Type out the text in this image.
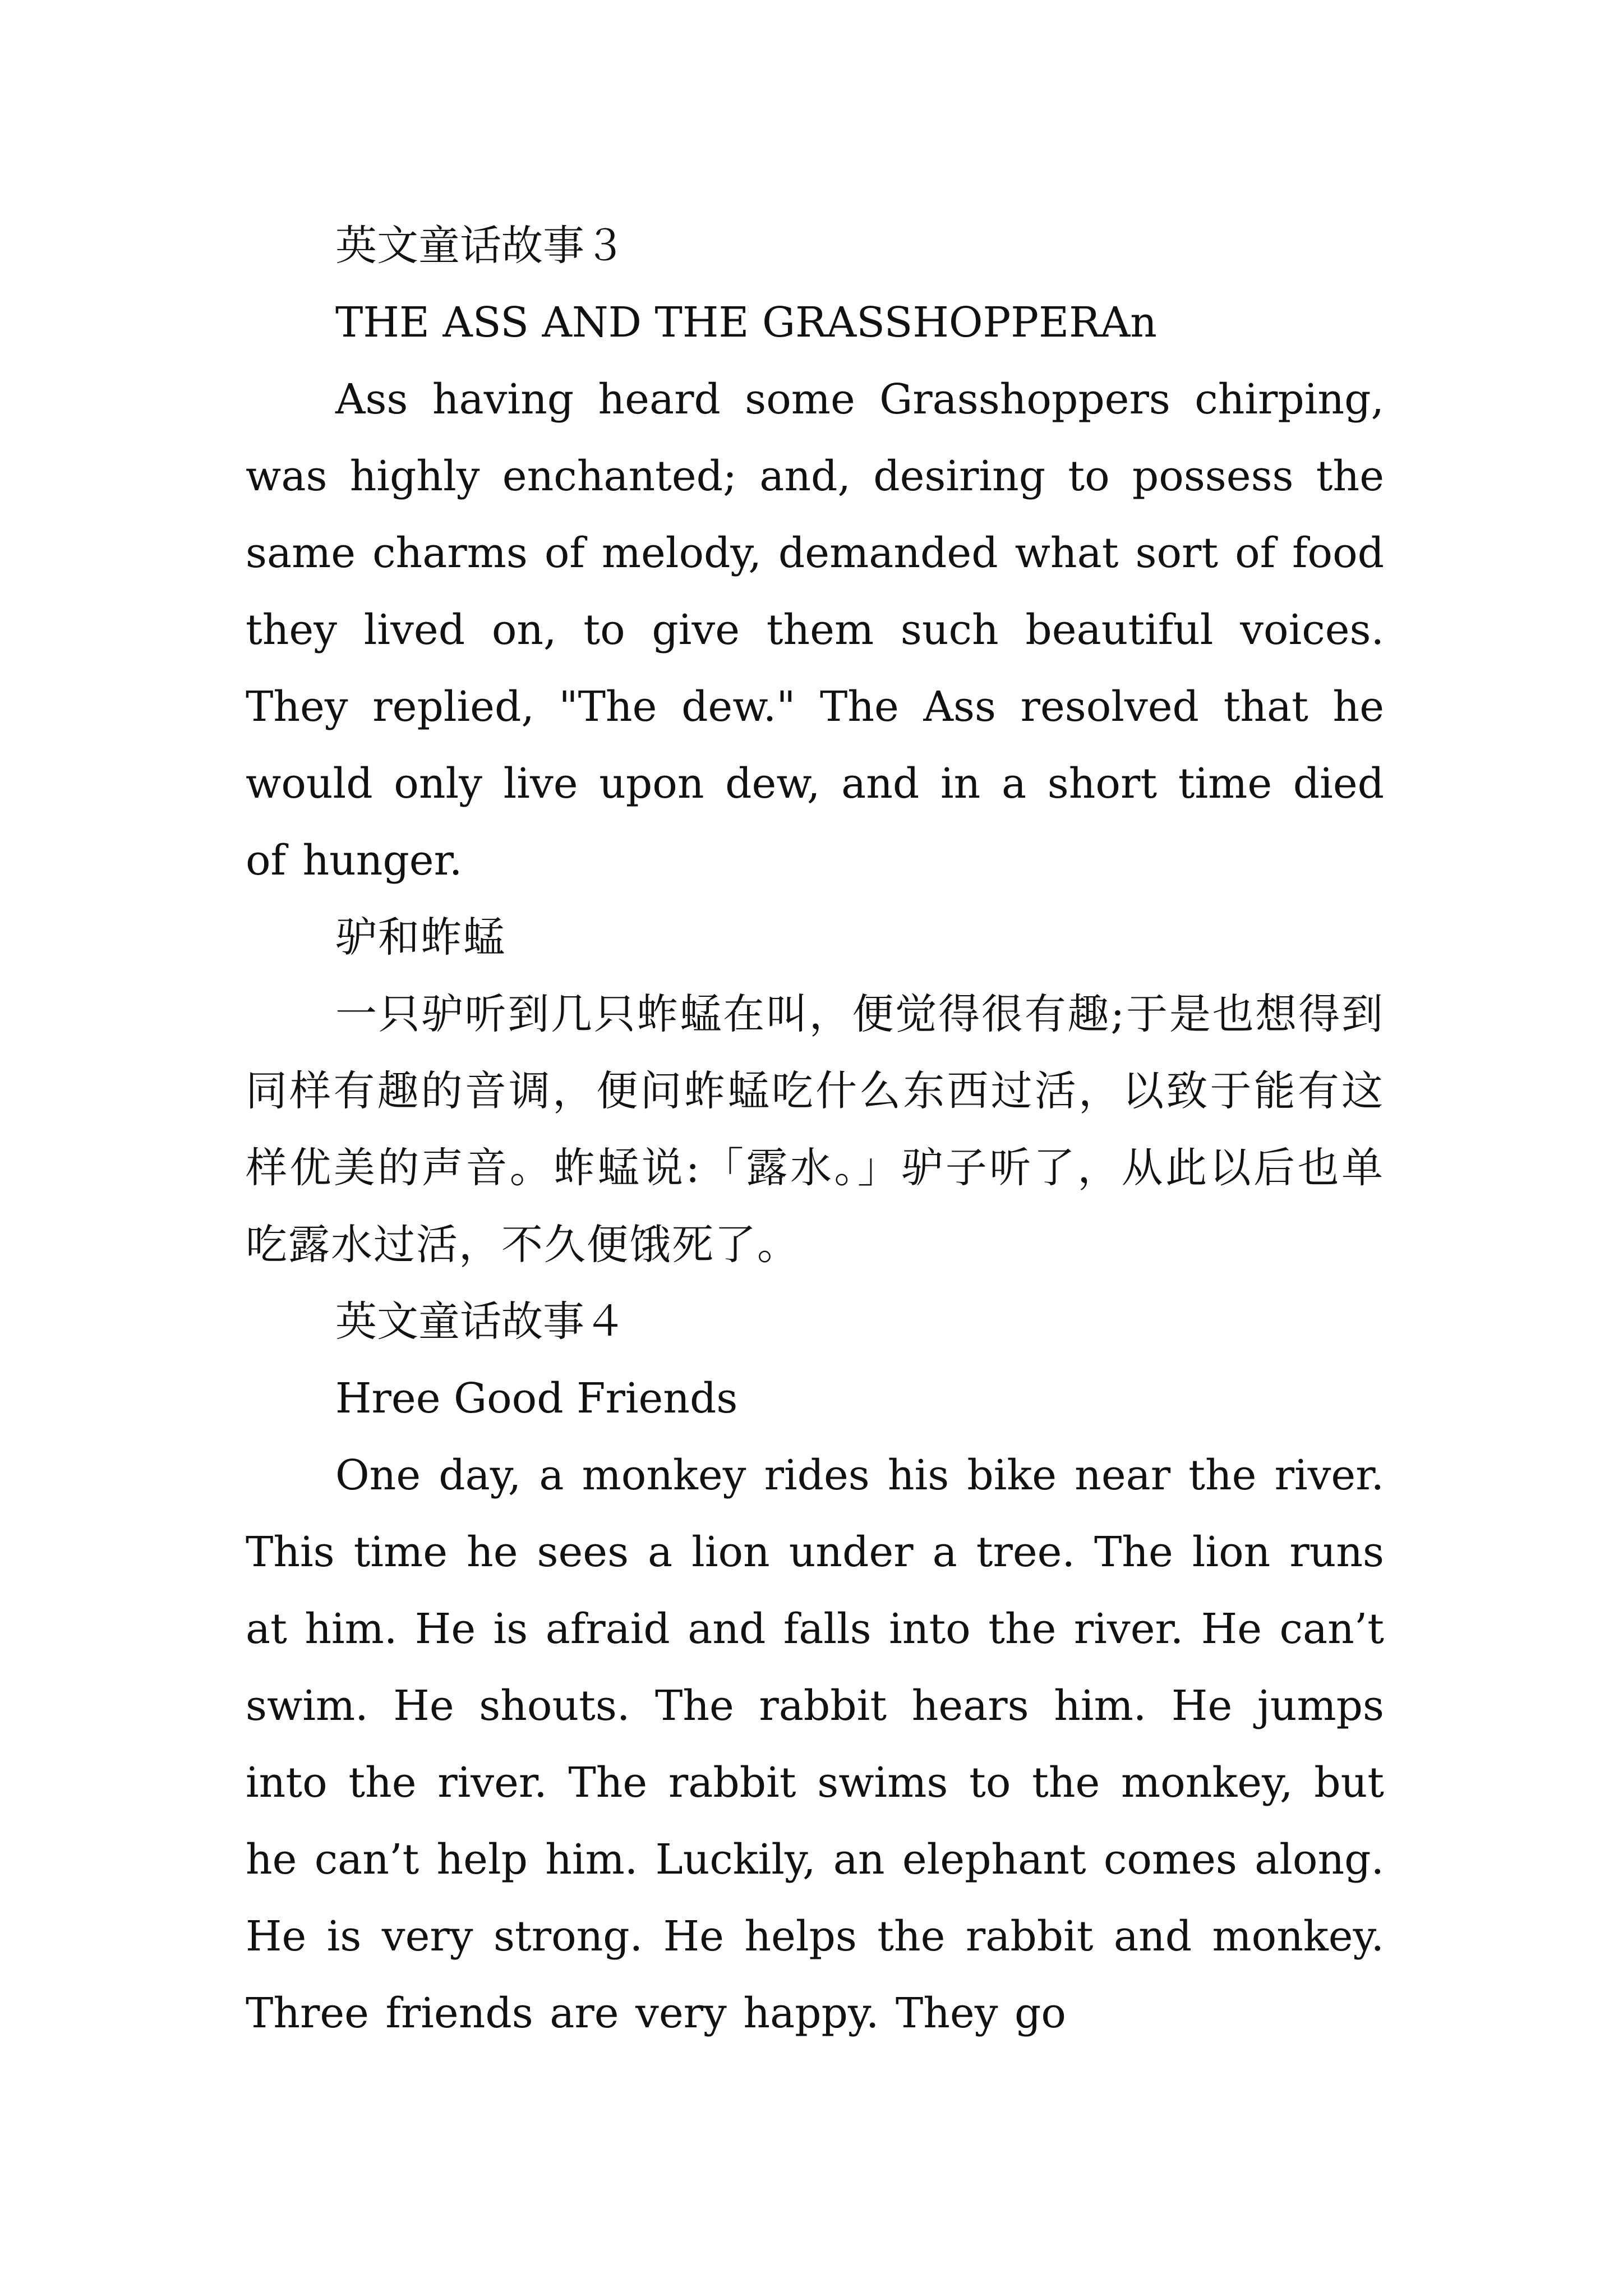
英文童话故事３
THE ASS AND THE GRASSHOPPERAn

Ass having heard some Grasshoppers chirping, was highly enchanted; and, desiring to possess the same charms of melody, demanded what sort of food they lived on, to give them such beautiful voices. They replied, "The dew." The Ass resolved that he would only live upon dew, and in a short time died of hunger.

驴和蚱蜢

一只驴听到几只蚱蜢在叫，便觉得很有趣;于是也想得到同样有趣的音调，便问蚱蜢吃什么东西过活，以致于能有这样优美的声音。蚱蜢说:「露水。」驴子听了，从此以后也单吃露水过活，不久便饿死了。

英文童话故事４
Hree Good Friends

One day, a monkey rides his bike near the river. This time he sees a lion under a tree. The lion runs at him. He is afraid and falls into the river. He can’t swim. He shouts. The rabbit hears him. He jumps into the river. The rabbit swims to the monkey, but he can’t help him. Luckily, an elephant comes along. He is very strong. He helps the rabbit and monkey. Three friends are very happy. They go
